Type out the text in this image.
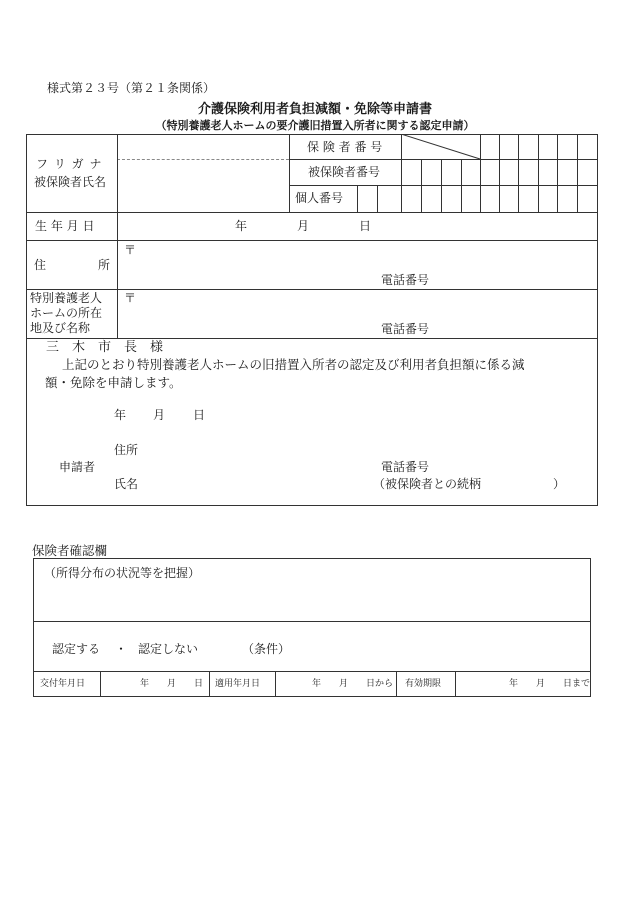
様式第２３号（第２１条関係）
介護保険利用者負担減額・免除等申請書
（特別養護老人ホームの要介護旧措置入所者に関する認定申請）
フ リ ガ ナ
被保険者氏名
保 険 者 番 号
被保険者番号
個人番号
生 年 月 日	年	月	日
住	所
〒
電話番号
特別養護老人
ホームの所在
地及び名称
〒
電話番号
三　木　市　長　様
上記のとおり特別養護老人ホームの旧措置入所者の認定及び利用者負担額に係る減
額・免除を申請します。
年 月 日
住所
申請者	電話番号
氏名	（被保険者との続柄	）
保険者確認欄
（所得分布の状況等を把握）
認定する ・ 認定しない	（条件）
交付年月日	年　　月　　日 適用年月日	年　　月　　日から 有効期限	年　　月　　日まで
